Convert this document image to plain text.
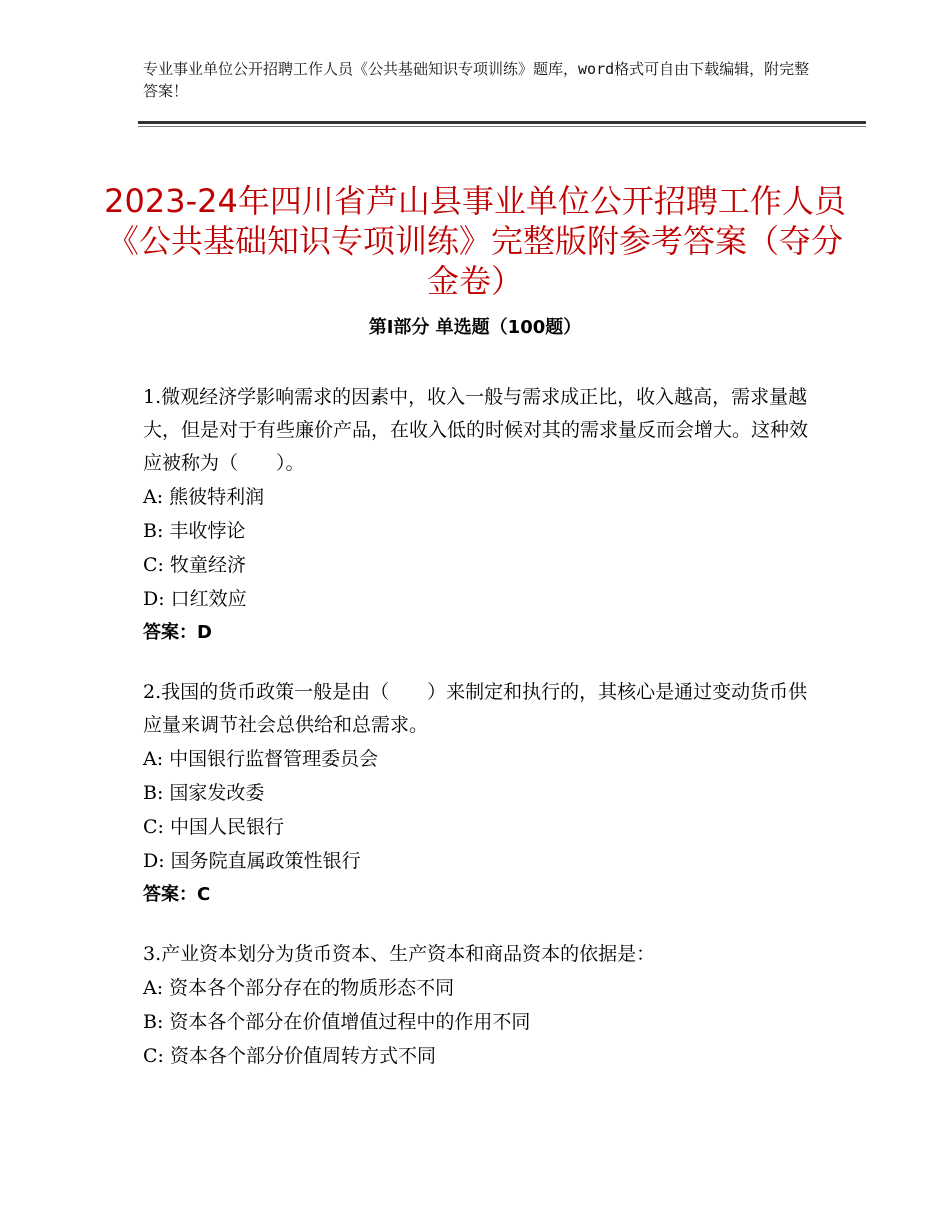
专业事业单位公开招聘工作人员《公共基础知识专项训练》题库，word格式可自由下载编辑，附完整答案！
2023-24年四川省芦山县事业单位公开招聘工作人员《公共基础知识专项训练》完整版附参考答案（夺分金卷）
第Ⅰ部分 单选题（100题）

1.微观经济学影响需求的因素中，收入一般与需求成正比，收入越高，需求量越大，但是对于有些廉价产品，在收入低的时候对其的需求量反而会增大。这种效应被称为（　　）。

A: 熊彼特利润

B: 丰收悖论

C: 牧童经济

D: 口红效应

答案：D

2.我国的货币政策一般是由（　　）来制定和执行的，其核心是通过变动货币供应量来调节社会总供给和总需求。

A: 中国银行监督管理委员会

B: 国家发改委

C: 中国人民银行

D: 国务院直属政策性银行

答案：C

3.产业资本划分为货币资本、生产资本和商品资本的依据是：

A: 资本各个部分存在的物质形态不同

B: 资本各个部分在价值增值过程中的作用不同

C: 资本各个部分价值周转方式不同
